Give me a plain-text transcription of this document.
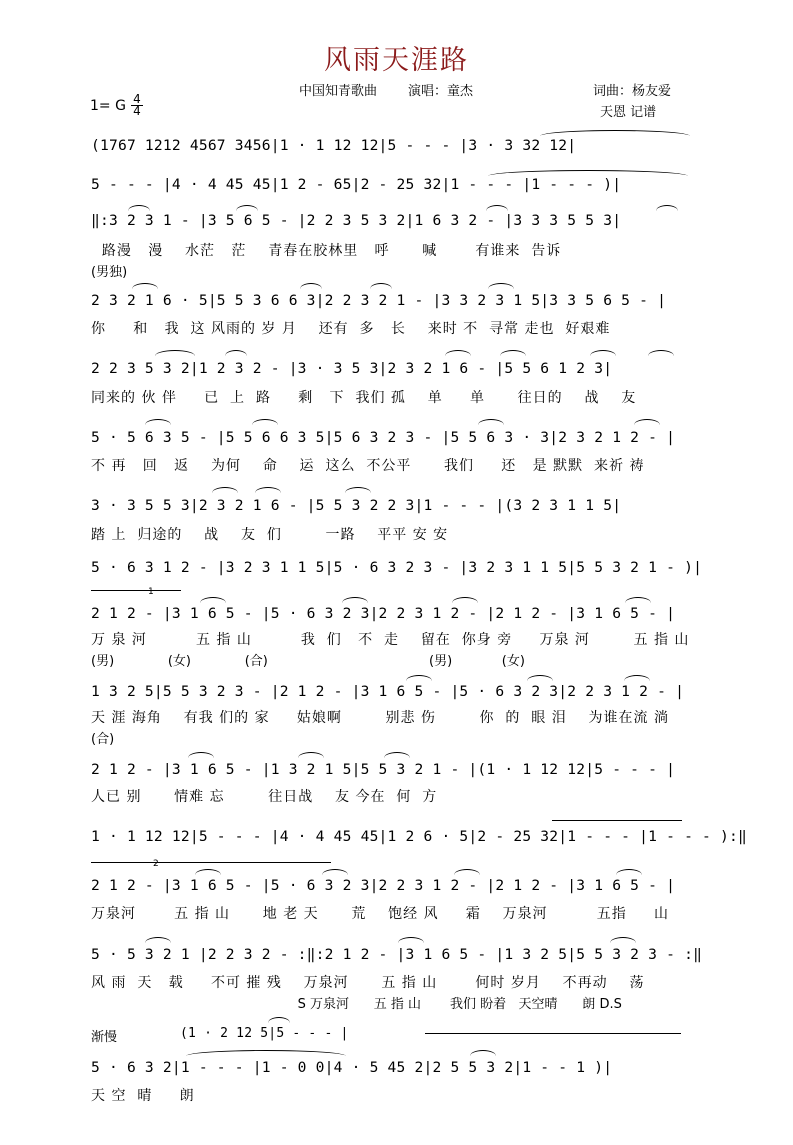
风雨天涯路
中国知青歌曲 演唱：童杰	词曲：杨友爱
天恩 记谱
1= G $\frac{4}{4}$
(1767 1212 4567 3456|1 · 1 12 12|5 - - - |3 · 3 32 12|
5 - - - |4 · 4 45 45|1 2 - 65|2 - 25 32|1 - - - |1 - - - )|
‖:3 2 3 1 - |3 5 6 5 - |2 2 3 5 3 2|1 6 3 2 - |3 3 3 5 5 3|
路漫   漫    水茫   茫    青春在胶林里   呼      喊       有谁来  告诉
(男独)
2 3 2 1 6 · 5|5 5 3 6 6 3|2 2 3 2 1 - |3 3 2 3 1 5|3 3 5 6 5 - |
你     和   我  这 风雨的 岁 月    还有  多   长    来时 不  寻常 走也  好艰难
2 2 3 5 3 2|1 2 3 2 - |3 · 3 5 3|2 3 2 1 6 - |5 5 6 1 2 3|
同来的 伙 伴     已  上  路     剩   下  我们 孤    单     单      往日的    战    友
5 · 5 6 3 5 - |5 5 6 6 3 5|5 6 3 2 3 - |5 5 6 3 · 3|2 3 2 1 2 - |
不 再   回   返    为何    命    运  这么  不公平      我们     还   是 默默  来祈 祷
3 · 3 5 5 3|2 3 2 1 6 - |5 5 3 2 2 3|1 - - - |(3 2 3 1 1 5|
踏 上  归途的    战    友  们        一路    平平 安 安
5 · 6 3 1 2 - |3 2 3 1 1 5|5 · 6 3 2 3 - |3 2 3 1 1 5|5 5 3 2 1 - )|
1
2 1 2 - |3 1 6 5 - |5 · 6 3 2 3|2 2 3 1 2 - |2 1 2 - |3 1 6 5 - |
万 泉 河         五 指 山         我  们   不  走    留在  你身 旁     万泉 河        五 指 山
(男)             (女)             (合)                                       (男)            (女)
1 3 2 5|5 5 3 2 3 - |2 1 2 - |3 1 6 5 - |5 · 6 3 2 3|2 2 3 1 2 - |
天 涯 海角    有我 们的 家     姑娘啊        别悲 伤        你  的  眼 泪    为谁在流 淌
(合)
2 1 2 - |3 1 6 5 - |1 3 2 1 5|5 5 3 2 1 - |(1 · 1 12 12|5 - - - |
人已 别      情难 忘        往日战    友 今在  何  方
1 · 1 12 12|5 - - - |4 · 4 45 45|1 2 6 · 5|2 - 25 32|1 - - - |1 - - - ):‖
2
2 1 2 - |3 1 6 5 - |5 · 6 3 2 3|2 2 3 1 2 - |2 1 2 - |3 1 6 5 - |
万泉河       五 指 山      地 老 天      荒    饱经 风     霜    万泉河         五指     山
5 · 5 3 2 1 |2 2 3 2 - :‖:2 1 2 - |3 1 6 5 - |1 3 2 5|5 5 3 2 3 - :‖
风 雨  天   载     不可 摧 残    万泉河      五 指 山       何时 岁月    不再动    荡
S 万泉河      五 指 山       我们 盼着   天空晴      朗 D.S
渐慢	(1 · 2 12 5|5 - - - |
5 · 6 3 2|1 - - - |1 - 0 0|4 · 5 45 2|2 5 5 3 2|1 - - 1 )|
天 空  晴     朗
